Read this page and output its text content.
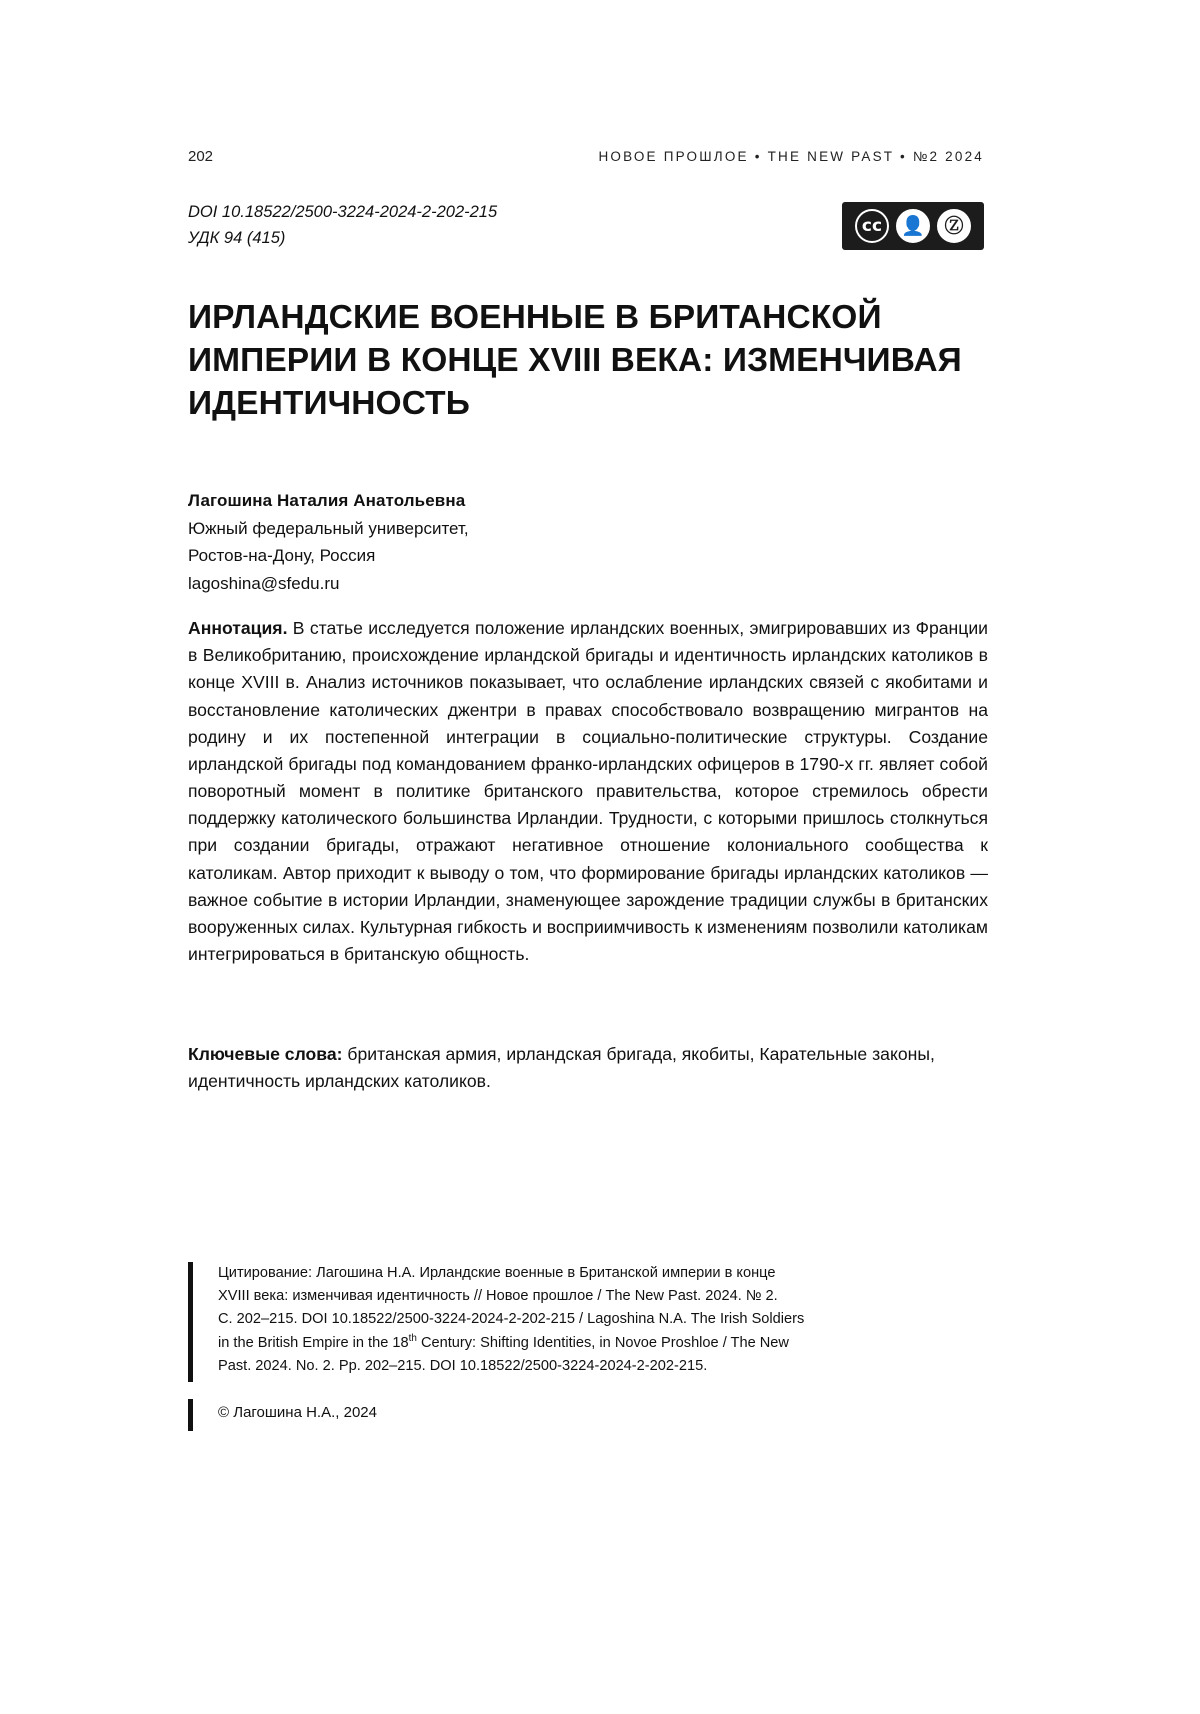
202	НОВОЕ ПРОШЛОЕ • THE NEW PAST • №2 2024
DOI 10.18522/2500-3224-2024-2-202-215
УДК 94 (415)
cc 👤 Ⓩ
ИРЛАНДСКИЕ ВОЕННЫЕ В БРИТАНСКОЙ ИМПЕРИИ В КОНЦЕ XVIII ВЕКА: ИЗМЕНЧИВАЯ ИДЕНТИЧНОСТЬ
Лагошина Наталия Анатольевна
Южный федеральный университет,
Ростов-на-Дону, Россия
lagoshina@sfedu.ru
Аннотация. В статье исследуется положение ирландских военных, эмигрировавших из Франции в Великобританию, происхождение ирландской бригады и идентичность ирландских католиков в конце XVIII в. Анализ источников показывает, что ослабление ирландских связей с якобитами и восстановление католических джентри в правах способствовало возвращению мигрантов на родину и их постепенной интеграции в социально-политические структуры. Создание ирландской бригады под командованием франко-ирландских офицеров в 1790-х гг. являет собой поворотный момент в политике британского правительства, которое стремилось обрести поддержку католического большинства Ирландии. Трудности, с которыми пришлось столкнуться при создании бригады, отражают негативное отношение колониального сообщества к католикам. Автор приходит к выводу о том, что формирование бригады ирландских католиков — важное событие в истории Ирландии, знаменующее зарождение традиции службы в британских вооруженных силах. Культурная гибкость и восприимчивость к изменениям позволили католикам интегрироваться в британскую общность.
Ключевые слова: британская армия, ирландская бригада, якобиты, Карательные законы, идентичность ирландских католиков.
Цитирование: Лагошина Н.А. Ирландские военные в Британской империи в конце
XVIII века: изменчивая идентичность // Новое прошлое / The New Past. 2024. № 2.
C. 202–215. DOI 10.18522/2500-3224-2024-2-202-215 / Lagoshina N.A. The Irish Soldiers
in the British Empire in the 18th Century: Shifting Identities, in Novoe Proshloe / The New
Past. 2024. No. 2. Pp. 202–215. DOI 10.18522/2500-3224-2024-2-202-215.
© Лагошина Н.А., 2024
